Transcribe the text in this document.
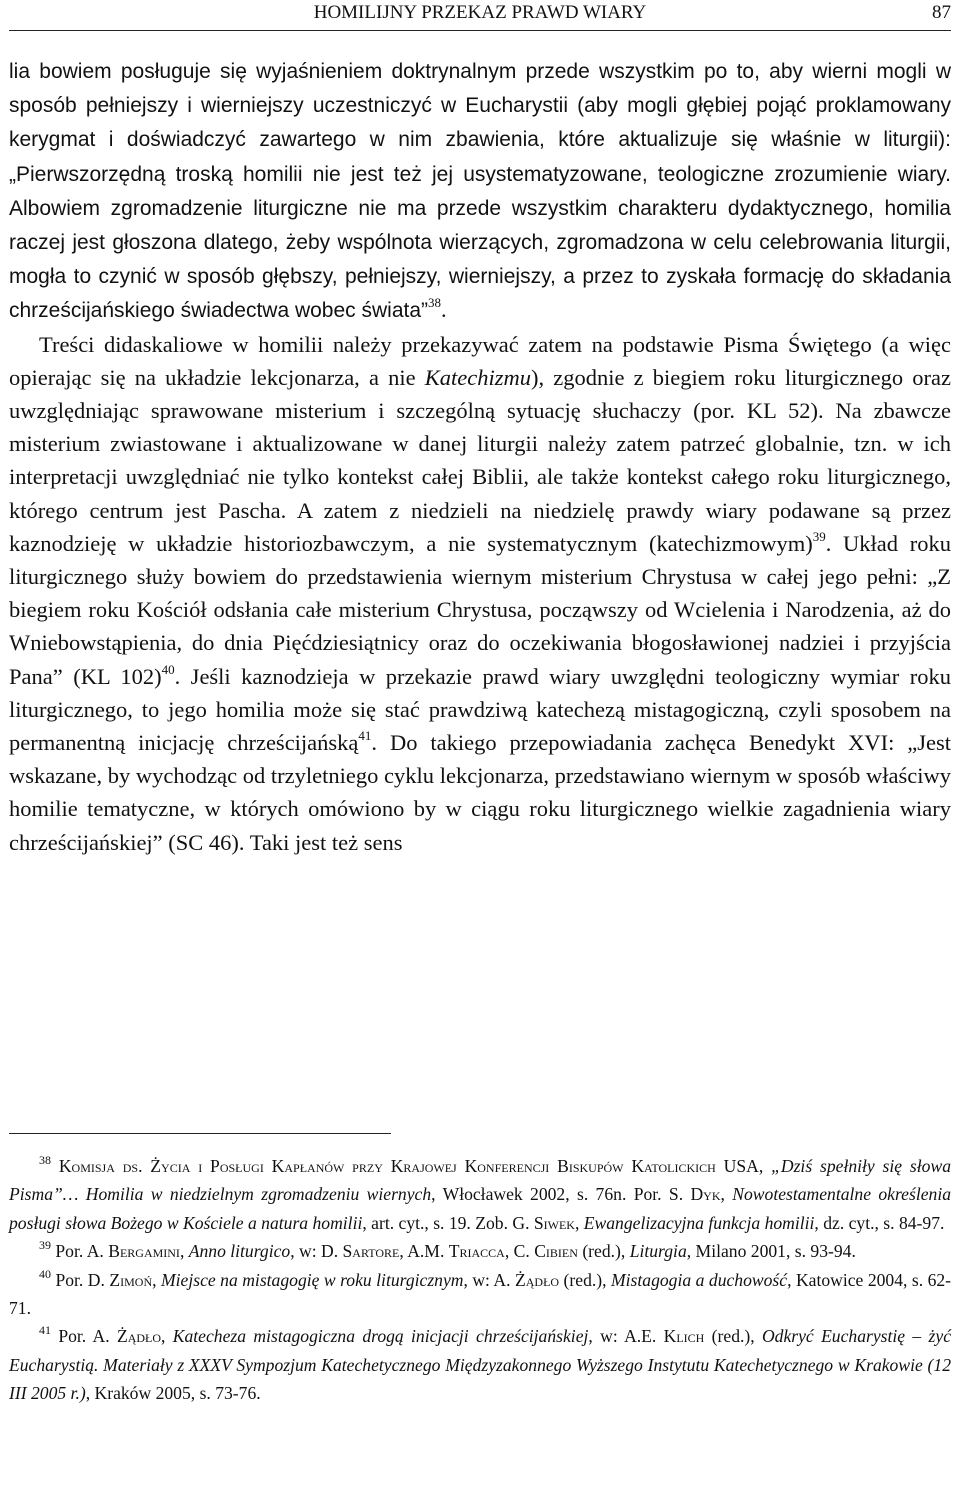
HOMILIJNY PRZEKAZ PRAWD WIARY	87

lia bowiem posługuje się wyjaśnieniem doktrynalnym przede wszystkim po to, aby wierni mogli w sposób pełniejszy i wierniejszy uczestniczyć w Eucharystii (aby mogli głębiej pojąć proklamowany kerygmat i doświadczyć zawartego w nim zbawienia, które aktualizuje się właśnie w liturgii): „Pierwszorzędną troską homilii nie jest też jej usystematyzowane, teologiczne zrozumienie wiary. Albowiem zgromadzenie liturgiczne nie ma przede wszystkim charakteru dydaktycznego, homilia raczej jest głoszona dlatego, żeby wspólnota wierzących, zgromadzona w celu celebrowania liturgii, mogła to czynić w sposób głębszy, pełniejszy, wierniejszy, a przez to zyskała formację do składania chrześcijańskiego świadectwa wobec świata”$^{38}$.

Treści didaskaliowe w homilii należy przekazywać zatem na podstawie Pisma Świętego (a więc opierając się na układzie lekcjonarza, a nie Katechizmu), zgodnie z biegiem roku liturgicznego oraz uwzględniając sprawowane misterium i szczególną sytuację słuchaczy (por. KL 52). Na zbawcze misterium zwiastowane i aktualizowane w danej liturgii należy zatem patrzeć globalnie, tzn. w ich interpretacji uwzględniać nie tylko kontekst całej Biblii, ale także kontekst całego roku liturgicznego, którego centrum jest Pascha. A zatem z niedzieli na niedzielę prawdy wiary podawane są przez kaznodzieję w układzie historiozbawczym, a nie systematycznym (katechizmowym)$^{39}$. Układ roku liturgicznego służy bowiem do przedstawienia wiernym misterium Chrystusa w całej jego pełni: „Z biegiem roku Kościół odsłania całe misterium Chrystusa, począwszy od Wcielenia i Narodzenia, aż do Wniebowstąpienia, do dnia Pięćdziesiątnicy oraz do oczekiwania błogosławionej nadziei i przyjścia Pana” (KL 102)$^{40}$. Jeśli kaznodzieja w przekazie prawd wiary uwzględni teologiczny wymiar roku liturgicznego, to jego homilia może się stać prawdziwą katechezą mistagogiczną, czyli sposobem na permanentną inicjację chrześcijańską$^{41}$. Do takiego przepowiadania zachęca Benedykt XVI: „Jest wskazane, by wychodząc od trzyletniego cyklu lekcjonarza, przedstawiano wiernym w sposób właściwy homilie tematyczne, w których omówiono by w ciągu roku liturgicznego wielkie zagadnienia wiary chrześcijańskiej” (SC 46). Taki jest też sens

$^{38}$ Komisja ds. Życia i Posługi Kapłanów przy Krajowej Konferencji Biskupów Katolickich USA, „Dziś spełniły się słowa Pisma”… Homilia w niedzielnym zgromadzeniu wiernych, Włocławek 2002, s. 76n. Por. S. Dyk, Nowotestamentalne określenia posługi słowa Bożego w Kościele a natura homilii, art. cyt., s. 19. Zob. G. Siwek, Ewangelizacyjna funkcja homilii, dz. cyt., s. 84-97.

$^{39}$ Por. A. Bergamini, Anno liturgico, w: D. Sartore, A.M. Triacca, C. Cibien (red.), Liturgia, Milano 2001, s. 93-94.

$^{40}$ Por. D. Zimoń, Miejsce na mistagogię w roku liturgicznym, w: A. Żądło (red.), Mistagogia a duchowość, Katowice 2004, s. 62-71.

$^{41}$ Por. A. Żądło, Katecheza mistagogiczna drogą inicjacji chrześcijańskiej, w: A.E. Klich (red.), Odkryć Eucharystię – żyć Eucharystią. Materiały z XXXV Sympozjum Katechetycznego Międzyzakonnego Wyższego Instytutu Katechetycznego w Krakowie (12 III 2005 r.), Kraków 2005, s. 73-76.
